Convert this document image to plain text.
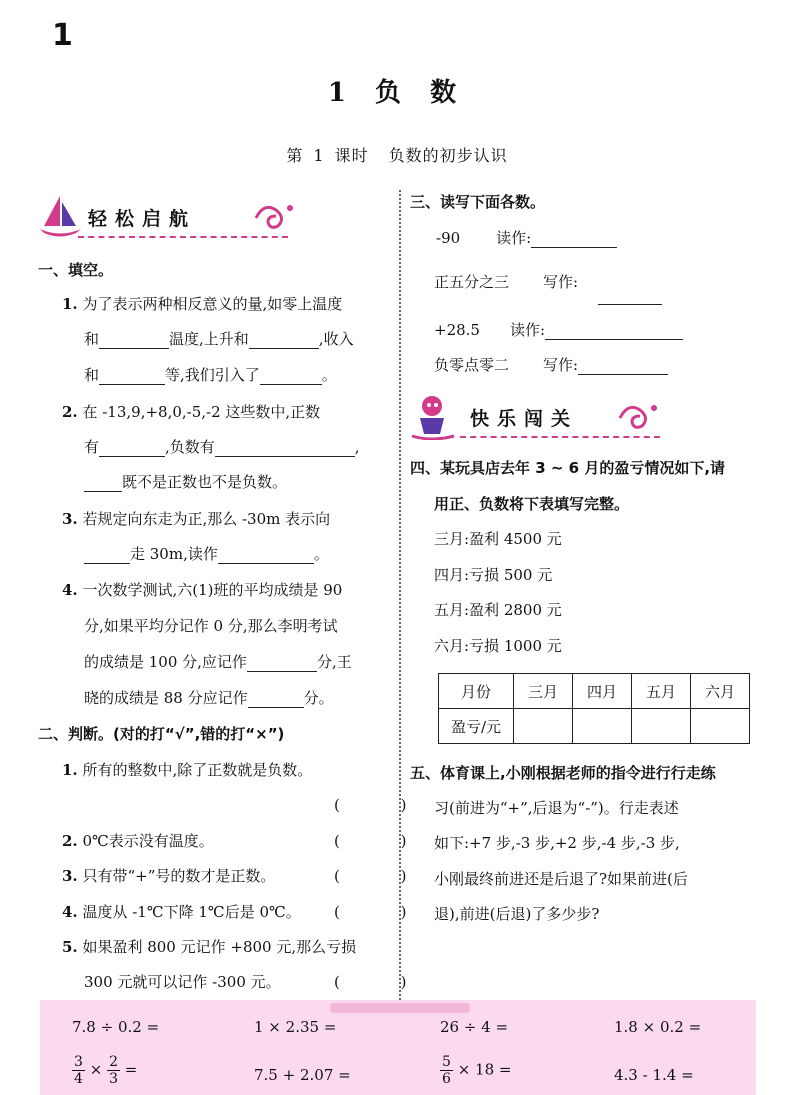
1
1 负 数
第 1 课时 负数的初步认识
轻松启航
一、填空。
1. 为了表示两种相反意义的量,如零上温度
和	温度,上升和	,收入
和	等,我们引入了	。
2. 在 -13,9,+8,0,-5,-2 这些数中,正数
有	,负数有	,
既不是正数也不是负数。
3. 若规定向东走为正,那么 -30m 表示向
走 30m,读作	。
4. 一次数学测试,六(1)班的平均成绩是 90
分,如果平均分记作 0 分,那么李明考试
的成绩是 100 分,应记作	分,王
晓的成绩是 88 分应记作	分。
二、判断。(对的打“√”,错的打“×”)
1. 所有的整数中,除了正数就是负数。
( )
2. 0℃表示没有温度。	( )
3. 只有带“+”号的数才是正数。	( )
4. 温度从 -1℃下降 1℃后是 0℃。 ( )
5. 如果盈利 800 元记作 +800 元,那么亏损
300 元就可以记作 -300 元。	( )
三、读写下面各数。
-90 读作:
正五分之三 写作:
+28.5 读作:
负零点零二 写作:
快乐闯关
四、某玩具店去年 3 ~ 6 月的盈亏情况如下,请
用正、负数将下表填写完整。
三月:盈利 4500 元
四月:亏损 500 元
五月:盈利 2800 元
六月:亏损 1000 元
月份	三月	四月	五月	六月
盈亏/元				
五、体育课上,小刚根据老师的指令进行行走练
习(前进为“+”,后退为“-”)。行走表述
如下:+7 步,-3 步,+2 步,-4 步,-3 步,
小刚最终前进还是后退了?如果前进(后
退),前进(后退)了多少步?
7.8 ÷ 0.2 =	1 × 2.35 =	26 ÷ 4 =	1.8 × 0.2 =
$\frac{3}{4} \times \frac{2}{3}$ =	7.5 + 2.07 =	$\frac{5}{6} \times 18$ =	4.3 - 1.4 =
